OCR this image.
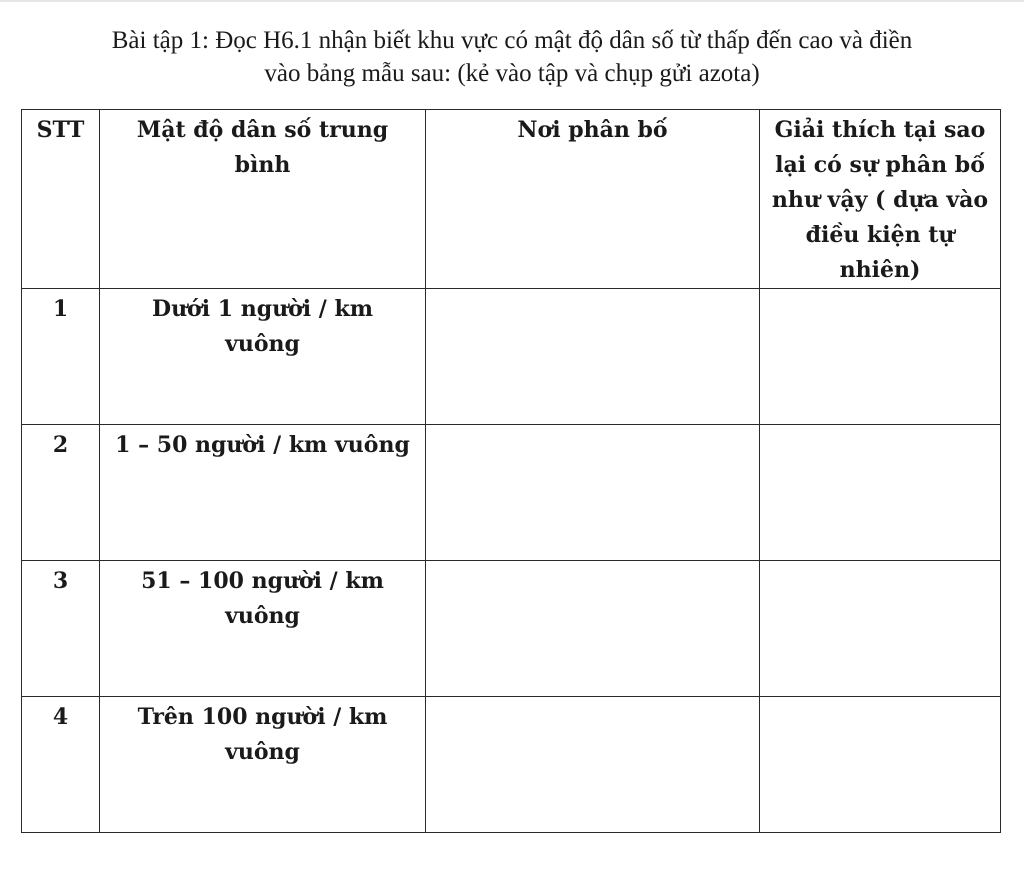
Bài tập 1: Đọc H6.1 nhận biết khu vực có mật độ dân số từ thấp đến cao và điền
vào bảng mẫu sau: (kẻ vào tập và chụp gửi azota)
STT	Mật độ dân số trung bình	Nơi phân bố	Giải thích tại sao lại có sự phân bố như vậy ( dựa vào điều kiện tự nhiên)

1	Dưới 1 người / km vuông		

2	1 – 50 người / km vuông		

3	51 – 100 người / km vuông		

4	Trên 100 người / km vuông		
